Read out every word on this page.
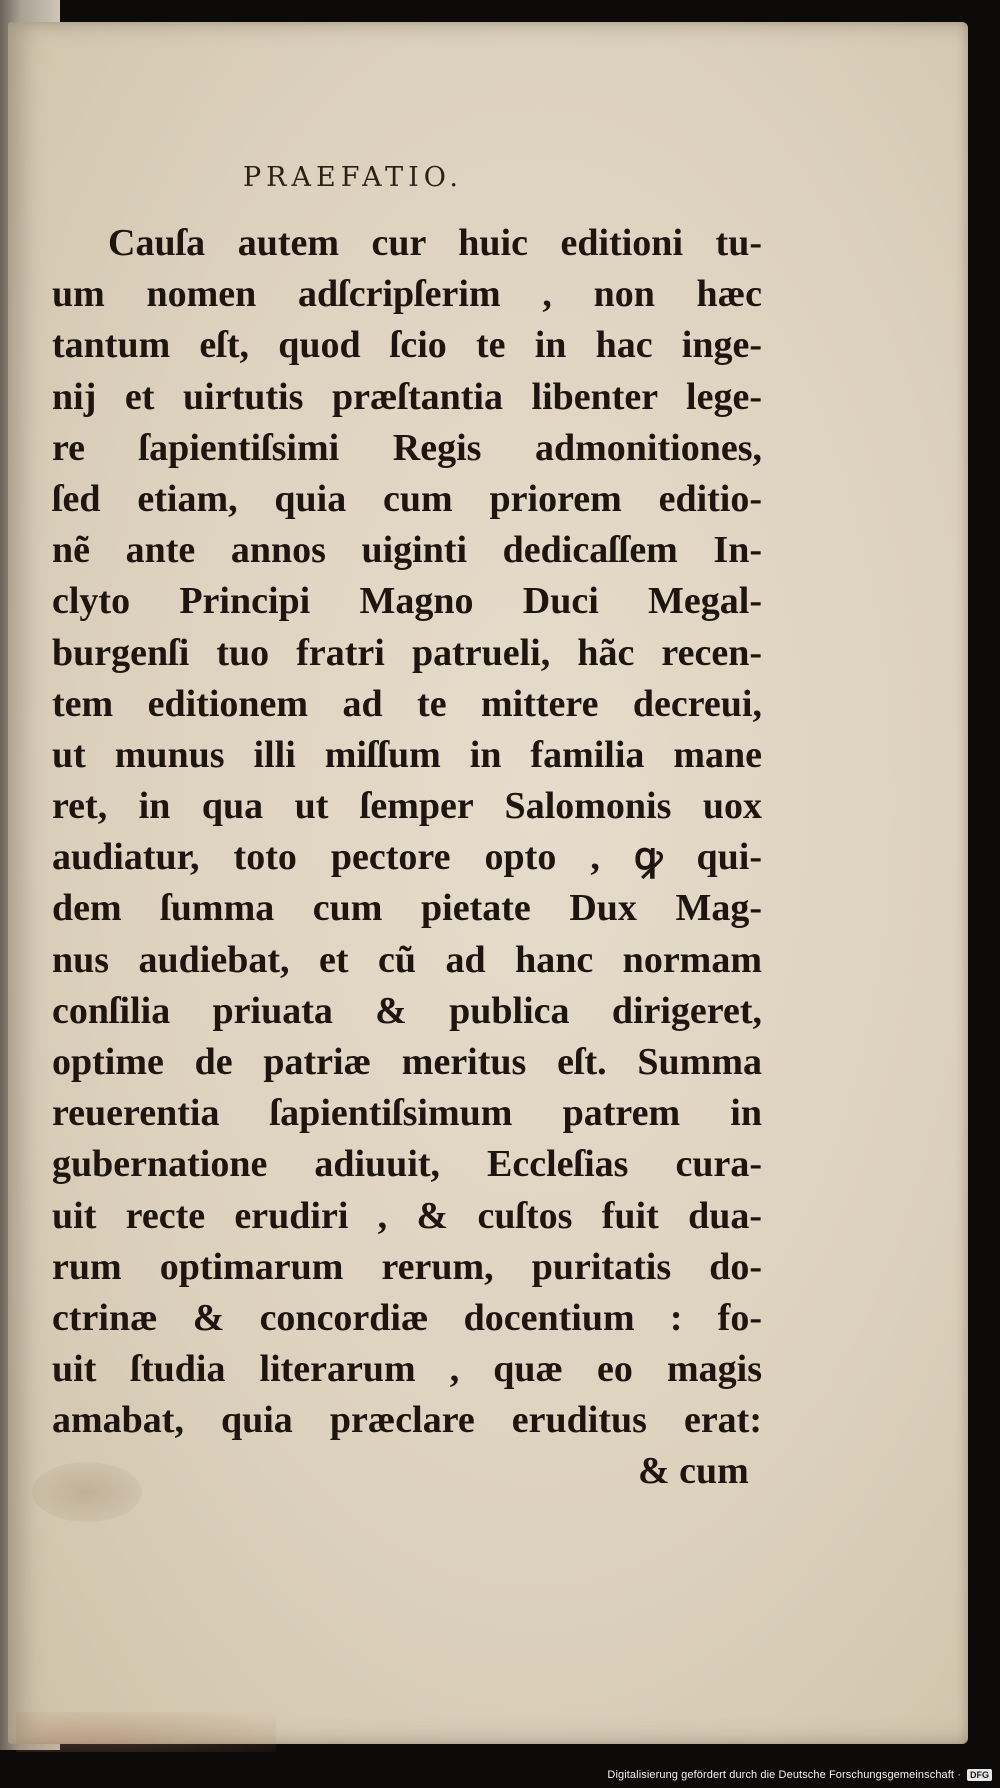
PRAEFATIO.
Cauſa autem cur huic editioni tu-
um nomen adſcripſerim , non hæc
tantum eſt, quod ſcio te in hac inge-
nij et uirtutis præſtantia libenter lege-
re ſapientiſsimi Regis admonitiones,
ſed etiam, quia cum priorem editio-
nẽ ante annos uiginti dedicaſſem In-
clyto Principi Magno Duci Megal-
burgenſi tuo fratri patrueli, hãc recen-
tem editionem ad te mittere decreui,
ut munus illi miſſum in familia mane
ret, in qua ut ſemper Salomonis uox
audiatur, toto pectore opto , ꝙ qui-
dem ſumma cum pietate Dux Mag-
nus audiebat, et cũ ad hanc normam
conſilia priuata & publica dirigeret,
optime de patriæ meritus eſt. Summa
reuerentia ſapientiſsimum patrem in
gubernatione adiuuit, Eccleſias cura-
uit recte erudiri , & cuſtos fuit dua-
rum optimarum rerum, puritatis do-
ctrinæ & concordiæ docentium : fo-
uit ſtudia literarum , quæ eo magis
amabat, quia præclare eruditus erat:
& cum
Digitalisierung gefördert durch die Deutsche Forschungsgemeinschaft ·	DFG
